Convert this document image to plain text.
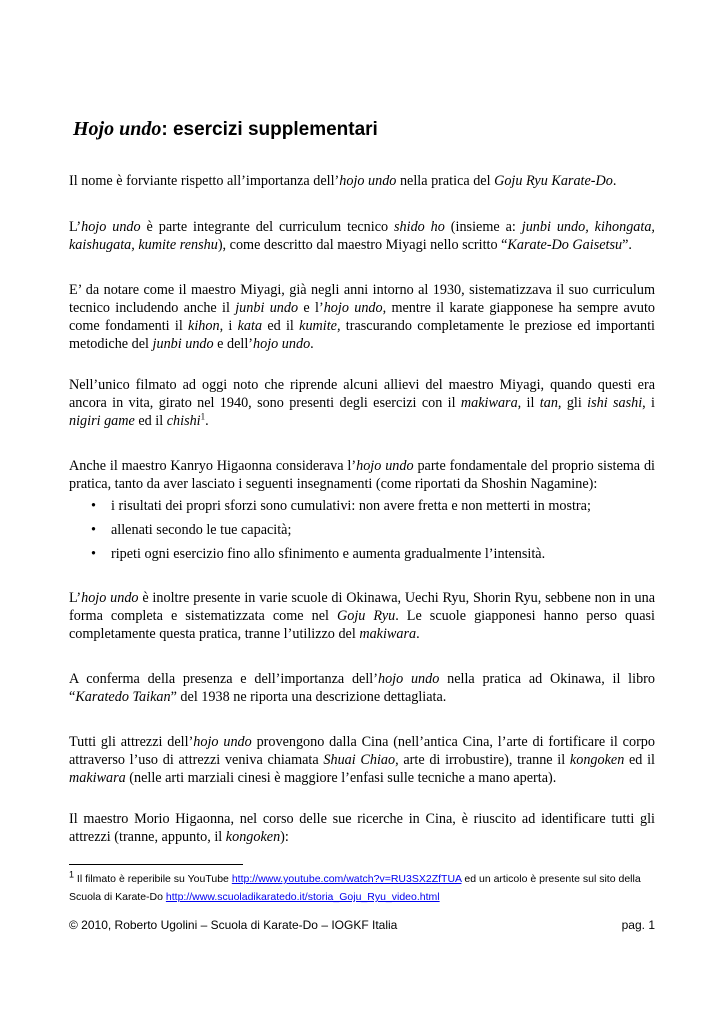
Hojo undo: esercizi supplementari

Il nome è forviante rispetto all’importanza dell’hojo undo nella pratica del Goju Ryu Karate-Do.

L’hojo undo è parte integrante del curriculum tecnico shido ho (insieme a: junbi undo, kihongata, kaishugata, kumite renshu), come descritto dal maestro Miyagi nello scritto “Karate-Do Gaisetsu”.

E’ da notare come il maestro Miyagi, già negli anni intorno al 1930, sistematizzava il suo curriculum tecnico includendo anche il junbi undo e l’hojo undo, mentre il karate giapponese ha sempre avuto come fondamenti il kihon, i kata ed il kumite, trascurando completamente le preziose ed importanti metodiche del junbi undo e dell’hojo undo.

Nell’unico filmato ad oggi noto che riprende alcuni allievi del maestro Miyagi, quando questi era ancora in vita, girato nel 1940, sono presenti degli esercizi con il makiwara, il tan, gli ishi sashi, i nigiri game ed il chishi$^1$.

Anche il maestro Kanryo Higaonna considerava l’hojo undo parte fondamentale del proprio sistema di pratica, tanto da aver lasciato i seguenti insegnamenti (come riportati da Shoshin Nagamine):

• i risultati dei propri sforzi sono cumulativi: non avere fretta e non metterti in mostra;
• allenati secondo le tue capacità;
• ripeti ogni esercizio fino allo sfinimento e aumenta gradualmente l’intensità.

L’hojo undo è inoltre presente in varie scuole di Okinawa, Uechi Ryu, Shorin Ryu, sebbene non in una forma completa e sistematizzata come nel Goju Ryu. Le scuole giapponesi hanno perso quasi completamente questa pratica, tranne l’utilizzo del makiwara.

A conferma della presenza e dell’importanza dell’hojo undo nella pratica ad Okinawa, il libro “Karatedo Taikan” del 1938 ne riporta una descrizione dettagliata.

Tutti gli attrezzi dell’hojo undo provengono dalla Cina (nell’antica Cina, l’arte di fortificare il corpo attraverso l’uso di attrezzi veniva chiamata Shuai Chiao, arte di irrobustire), tranne il kongoken ed il makiwara (nelle arti marziali cinesi è maggiore l’enfasi sulle tecniche a mano aperta).

Il maestro Morio Higaonna, nel corso delle sue ricerche in Cina, è riuscito ad identificare tutti gli attrezzi (tranne, appunto, il kongoken):

$^1$ Il filmato è reperibile su YouTube http://www.youtube.com/watch?v=RU3SX2ZfTUA ed un articolo è presente sul sito della Scuola di Karate-Do http://www.scuoladikaratedo.it/storia_Goju_Ryu_video.html

© 2010, Roberto Ugolini – Scuola di Karate-Do – IOGKF Italia	pag. 1
